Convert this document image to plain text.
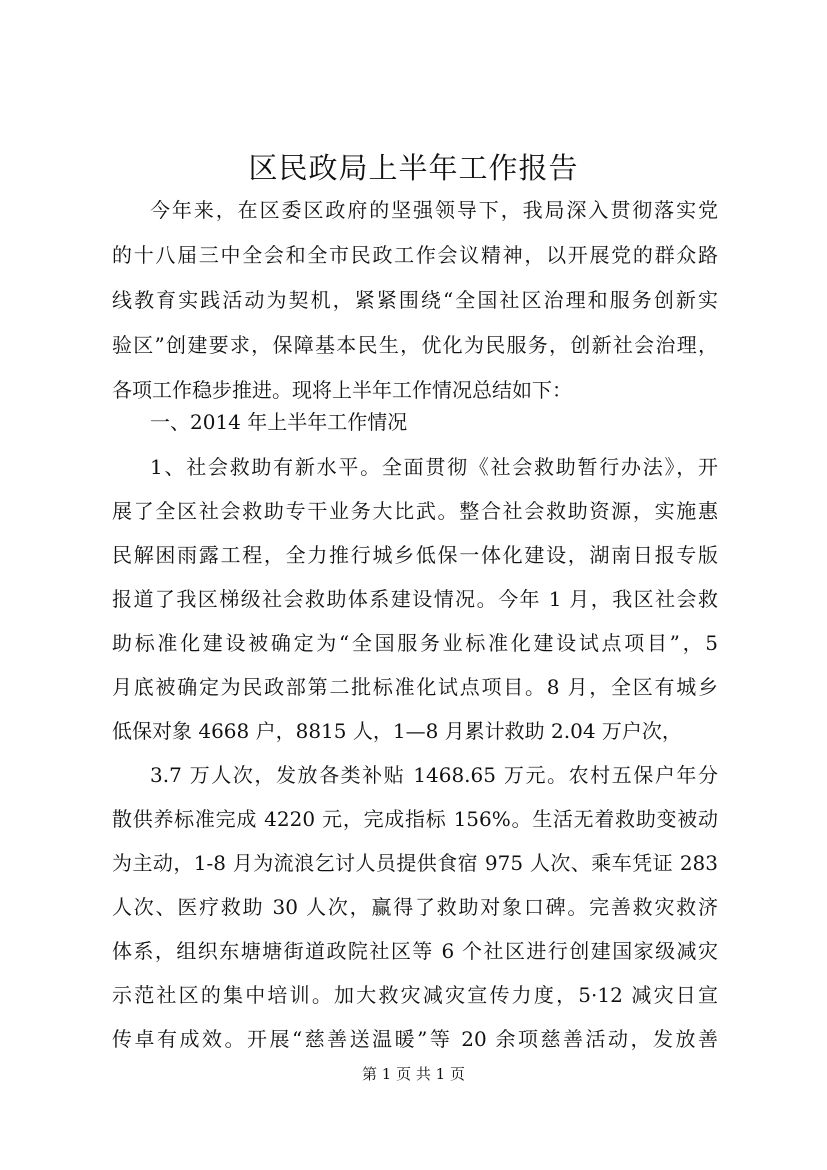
区民政局上半年工作报告
今年来，在区委区政府的坚强领导下，我局深入贯彻落实党
的十八届三中全会和全市民政工作会议精神，以开展党的群众路
线教育实践活动为契机，紧紧围绕“全国社区治理和服务创新实
验区”创建要求，保障基本民生，优化为民服务，创新社会治理，
各项工作稳步推进。现将上半年工作情况总结如下：
一、2014 年上半年工作情况
1、社会救助有新水平。全面贯彻《社会救助暂行办法》，开
展了全区社会救助专干业务大比武。整合社会救助资源，实施惠
民解困雨露工程，全力推行城乡低保一体化建设，湖南日报专版
报道了我区梯级社会救助体系建设情况。今年 1 月，我区社会救
助标准化建设被确定为“全国服务业标准化建设试点项目”，5
月底被确定为民政部第二批标准化试点项目。8 月，全区有城乡
低保对象 4668 户，8815 人，1—8 月累计救助 2.04 万户次，
3.7 万人次，发放各类补贴 1468.65 万元。农村五保户年分
散供养标准完成 4220 元，完成指标 156%。生活无着救助变被动
为主动，1-8 月为流浪乞讨人员提供食宿 975 人次、乘车凭证 283
人次、医疗救助 30 人次，赢得了救助对象口碑。完善救灾救济
体系，组织东塘塘街道政院社区等 6 个社区进行创建国家级减灾
示范社区的集中培训。加大救灾减灾宣传力度，5·12 减灾日宣
传卓有成效。开展“慈善送温暖”等 20 余项慈善活动，发放善
第 1 页 共 1 页
